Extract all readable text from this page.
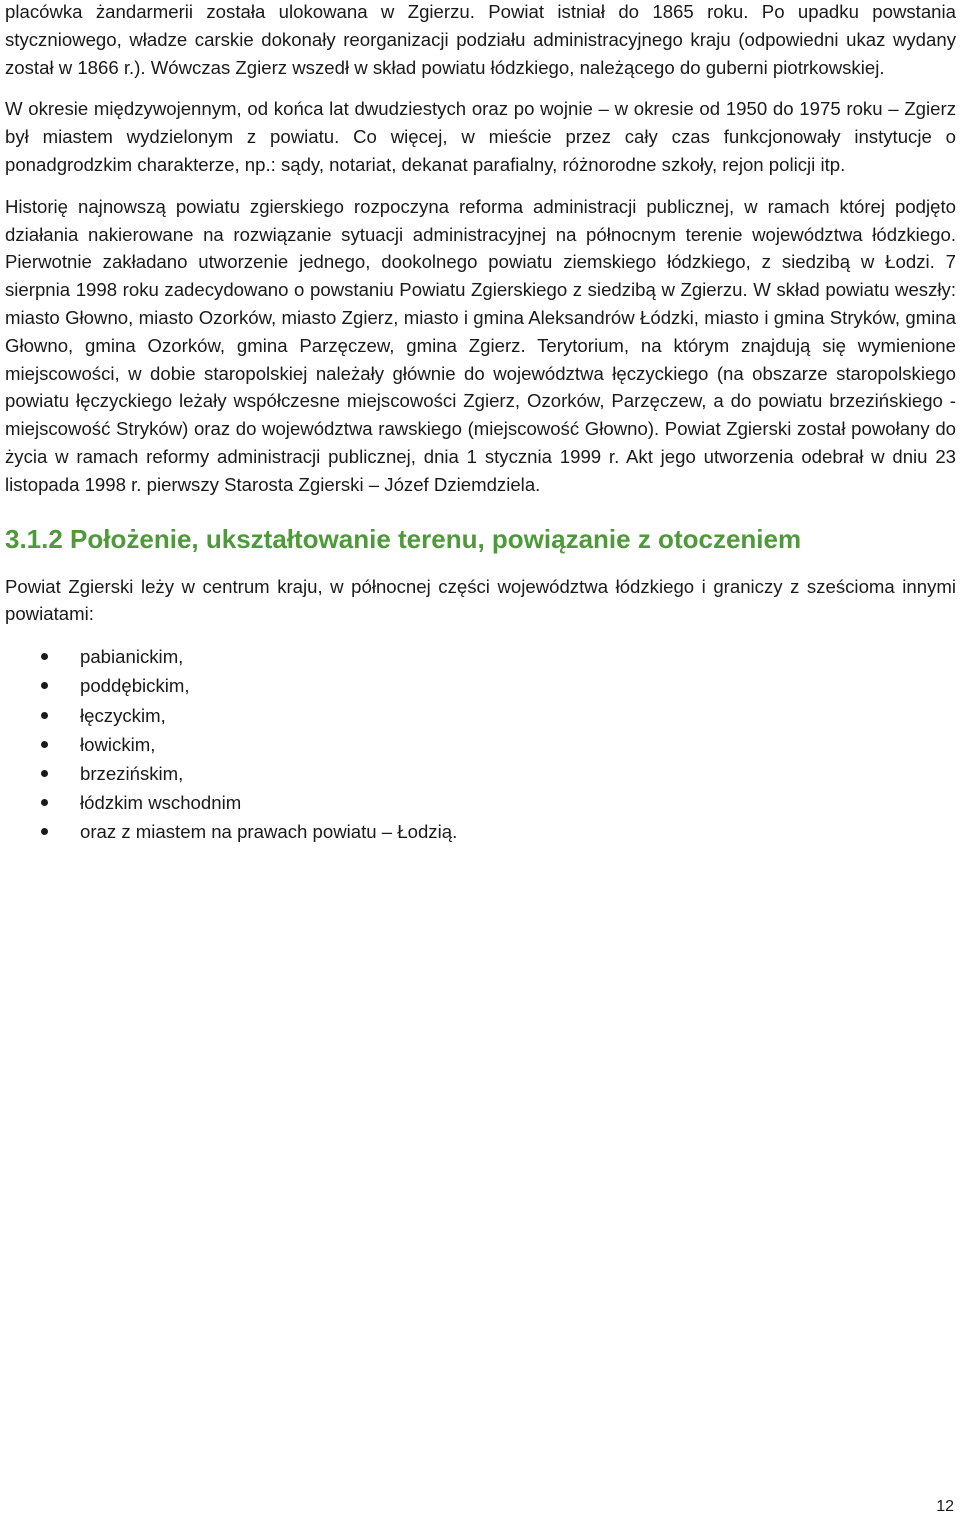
placówka żandarmerii została ulokowana w Zgierzu. Powiat istniał do 1865 roku. Po upadku powstania styczniowego, władze carskie dokonały reorganizacji podziału administracyjnego kraju (odpowiedni ukaz wydany został w 1866 r.). Wówczas Zgierz wszedł w skład powiatu łódzkiego, należącego do guberni piotrkowskiej.

W okresie międzywojennym, od końca lat dwudziestych oraz po wojnie – w okresie od 1950 do 1975 roku – Zgierz był miastem wydzielonym z powiatu. Co więcej, w mieście przez cały czas funkcjonowały instytucje o ponadgrodzkim charakterze, np.: sądy, notariat, dekanat parafialny, różnorodne szkoły, rejon policji itp.

Historię najnowszą powiatu zgierskiego rozpoczyna reforma administracji publicznej, w ramach której podjęto działania nakierowane na rozwiązanie sytuacji administracyjnej na północnym terenie województwa łódzkiego. Pierwotnie zakładano utworzenie jednego, dookolnego powiatu ziemskiego łódzkiego, z siedzibą w Łodzi. 7 sierpnia 1998 roku zadecydowano o powstaniu Powiatu Zgierskiego z siedzibą w Zgierzu. W skład powiatu weszły: miasto Głowno, miasto Ozorków, miasto Zgierz, miasto i gmina Aleksandrów Łódzki, miasto i gmina Stryków, gmina Głowno, gmina Ozorków, gmina Parzęczew, gmina Zgierz. Terytorium, na którym znajdują się wymienione miejscowości, w dobie staropolskiej należały głównie do województwa łęczyckiego (na obszarze staropolskiego powiatu łęczyckiego leżały współczesne miejscowości Zgierz, Ozorków, Parzęczew, a do powiatu brzezińskiego - miejscowość Stryków) oraz do województwa rawskiego (miejscowość Głowno). Powiat Zgierski został powołany do życia w ramach reformy administracji publicznej, dnia 1 stycznia 1999 r. Akt jego utworzenia odebrał w dniu 23 listopada 1998 r. pierwszy Starosta Zgierski – Józef Dziemdziela.

3.1.2 Położenie, ukształtowanie terenu, powiązanie z otoczeniem

Powiat Zgierski leży w centrum kraju, w północnej części województwa łódzkiego i graniczy z sześcioma innymi powiatami:

pabianickim,
poddębickim,
łęczyckim,
łowickim,
brzezińskim,
łódzkim wschodnim
oraz z miastem na prawach powiatu – Łodzią.
12
